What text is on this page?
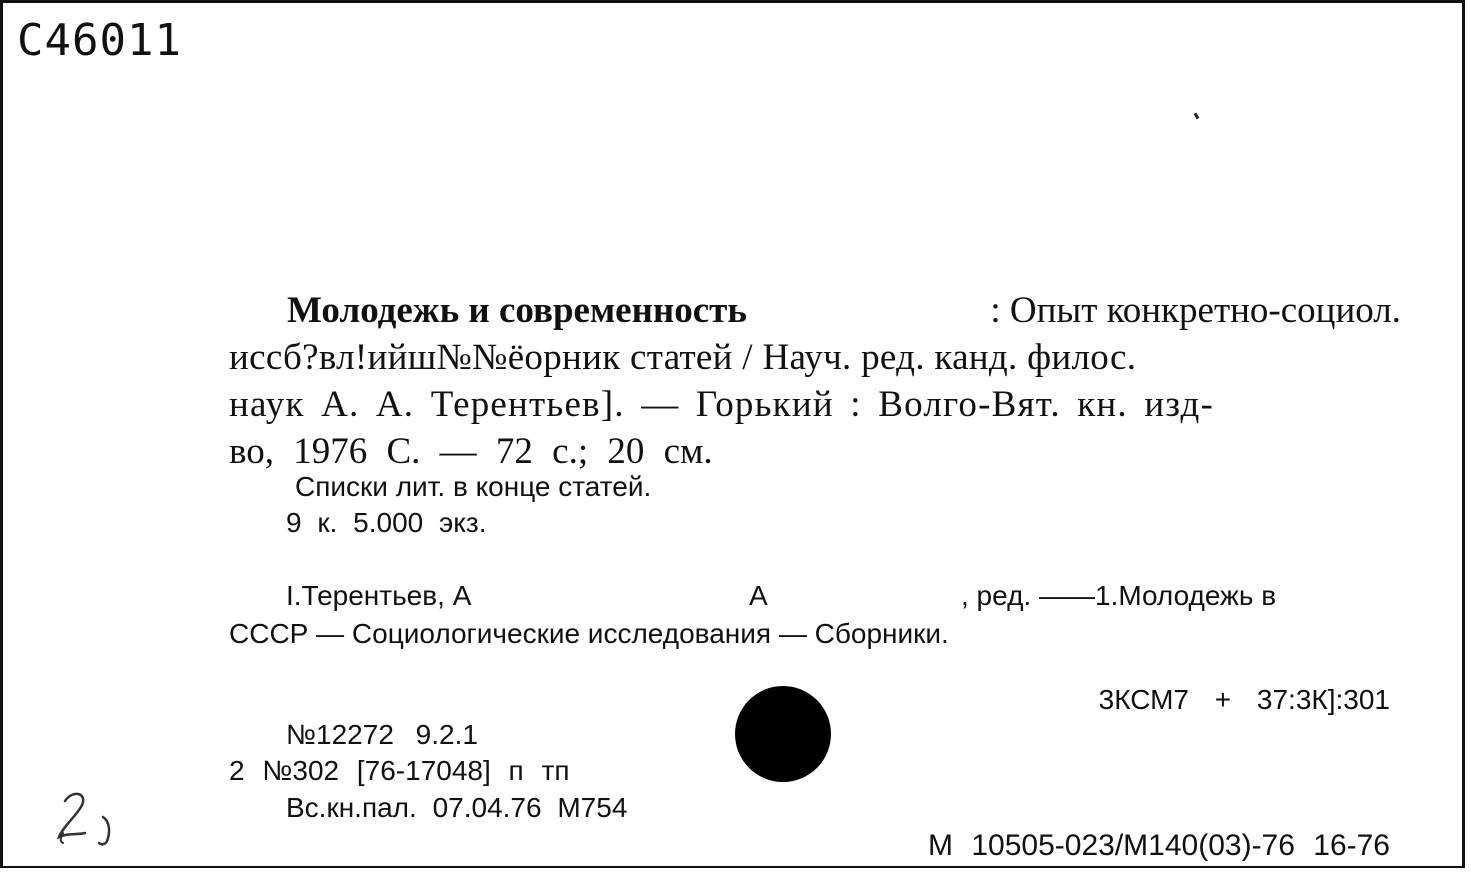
C46011
Молодежь и современность	: Опыт конкретно-социол.
иссб?вл!ийш№№ёорник статей / Науч. ред. канд. филос.
наук А. А. Терентьев]. — Горький : Волго-Вят. кн. изд-
во, 1976 С. — 72 с.; 20 см.
Списки лит. в конце статей.
9 к. 5.000 экз.
I.Терентьев, А	А	, ред. ——1.Молодежь в
СССР — Социологические исследования — Сборники.
3КСМ7 + 37:3К]:301
№12272 9.2.1
2 №302 [76-17048] п тп
Вс.кн.пал. 07.04.76 М754
М 10505-023/М140(03)-76 16-76
